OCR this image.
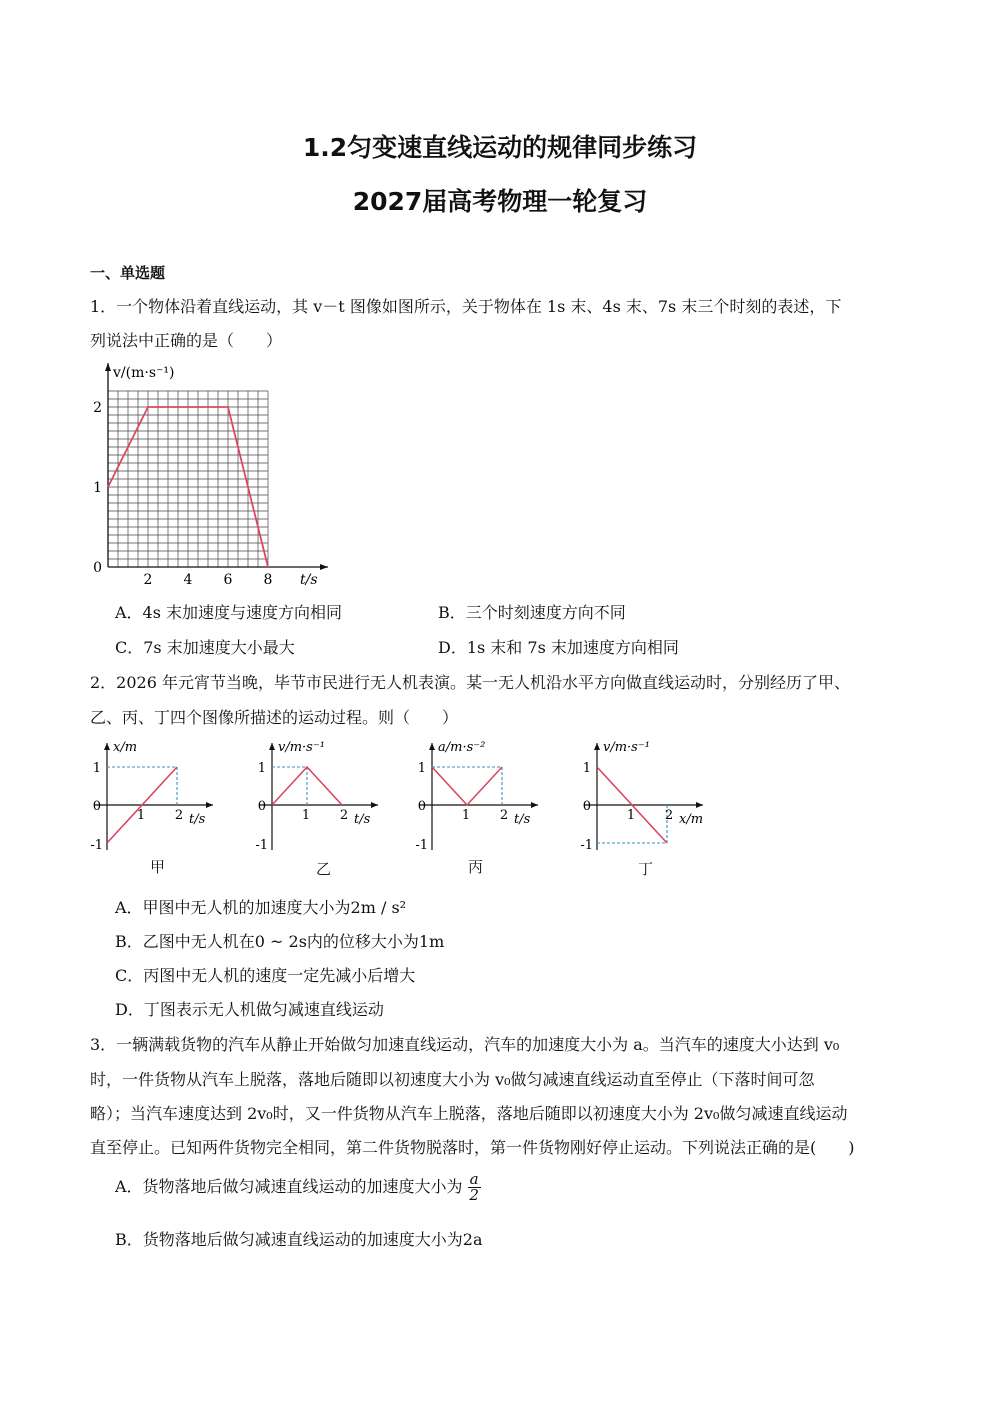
1.2匀变速直线运动的规律同步练习
2027届高考物理一轮复习
一、单选题
1．一个物体沿着直线运动，其 v－t 图像如图所示，关于物体在 1s 末、4s 末、7s 末三个时刻的表述，下
列说法中正确的是（　　）
2 4 6 8
1
2
0
t/s
v/(m·s⁻¹)
A．4s 末加速度与速度方向相同	B．三个时刻速度方向不同
C．7s 末加速度大小最大	D．1s 末和 7s 末加速度方向相同
2．2026 年元宵节当晚，毕节市民进行无人机表演。某一无人机沿水平方向做直线运动时，分别经历了甲、
乙、丙、丁四个图像所描述的运动过程。则（　　）
1
0
-1
1 2 t/s
x/m
1
0
-1
1 2 t/s
v/m·s⁻¹
1
0
-1
1 2 t/s
a/m·s⁻²
1
0
-1
1 2 x/m
v/m·s⁻¹
甲	乙	丙	丁
A．甲图中无人机的加速度大小为2m / s²
B．乙图中无人机在0 ~ 2s内的位移大小为1m
C．丙图中无人机的速度一定先减小后增大
D．丁图表示无人机做匀减速直线运动
3．一辆满载货物的汽车从静止开始做匀加速直线运动，汽车的加速度大小为 a。当汽车的速度大小达到 v₀
时，一件货物从汽车上脱落，落地后随即以初速度大小为 v₀做匀减速直线运动直至停止（下落时间可忽
略）；当汽车速度达到 2v₀时，又一件货物从汽车上脱落，落地后随即以初速度大小为 2v₀做匀减速直线运动
直至停止。已知两件货物完全相同，第二件货物脱落时，第一件货物刚好停止运动。下列说法正确的是(　　)
A．货物落地后做匀减速直线运动的加速度大小为 $\frac{a}{2}$
B．货物落地后做匀减速直线运动的加速度大小为2a
